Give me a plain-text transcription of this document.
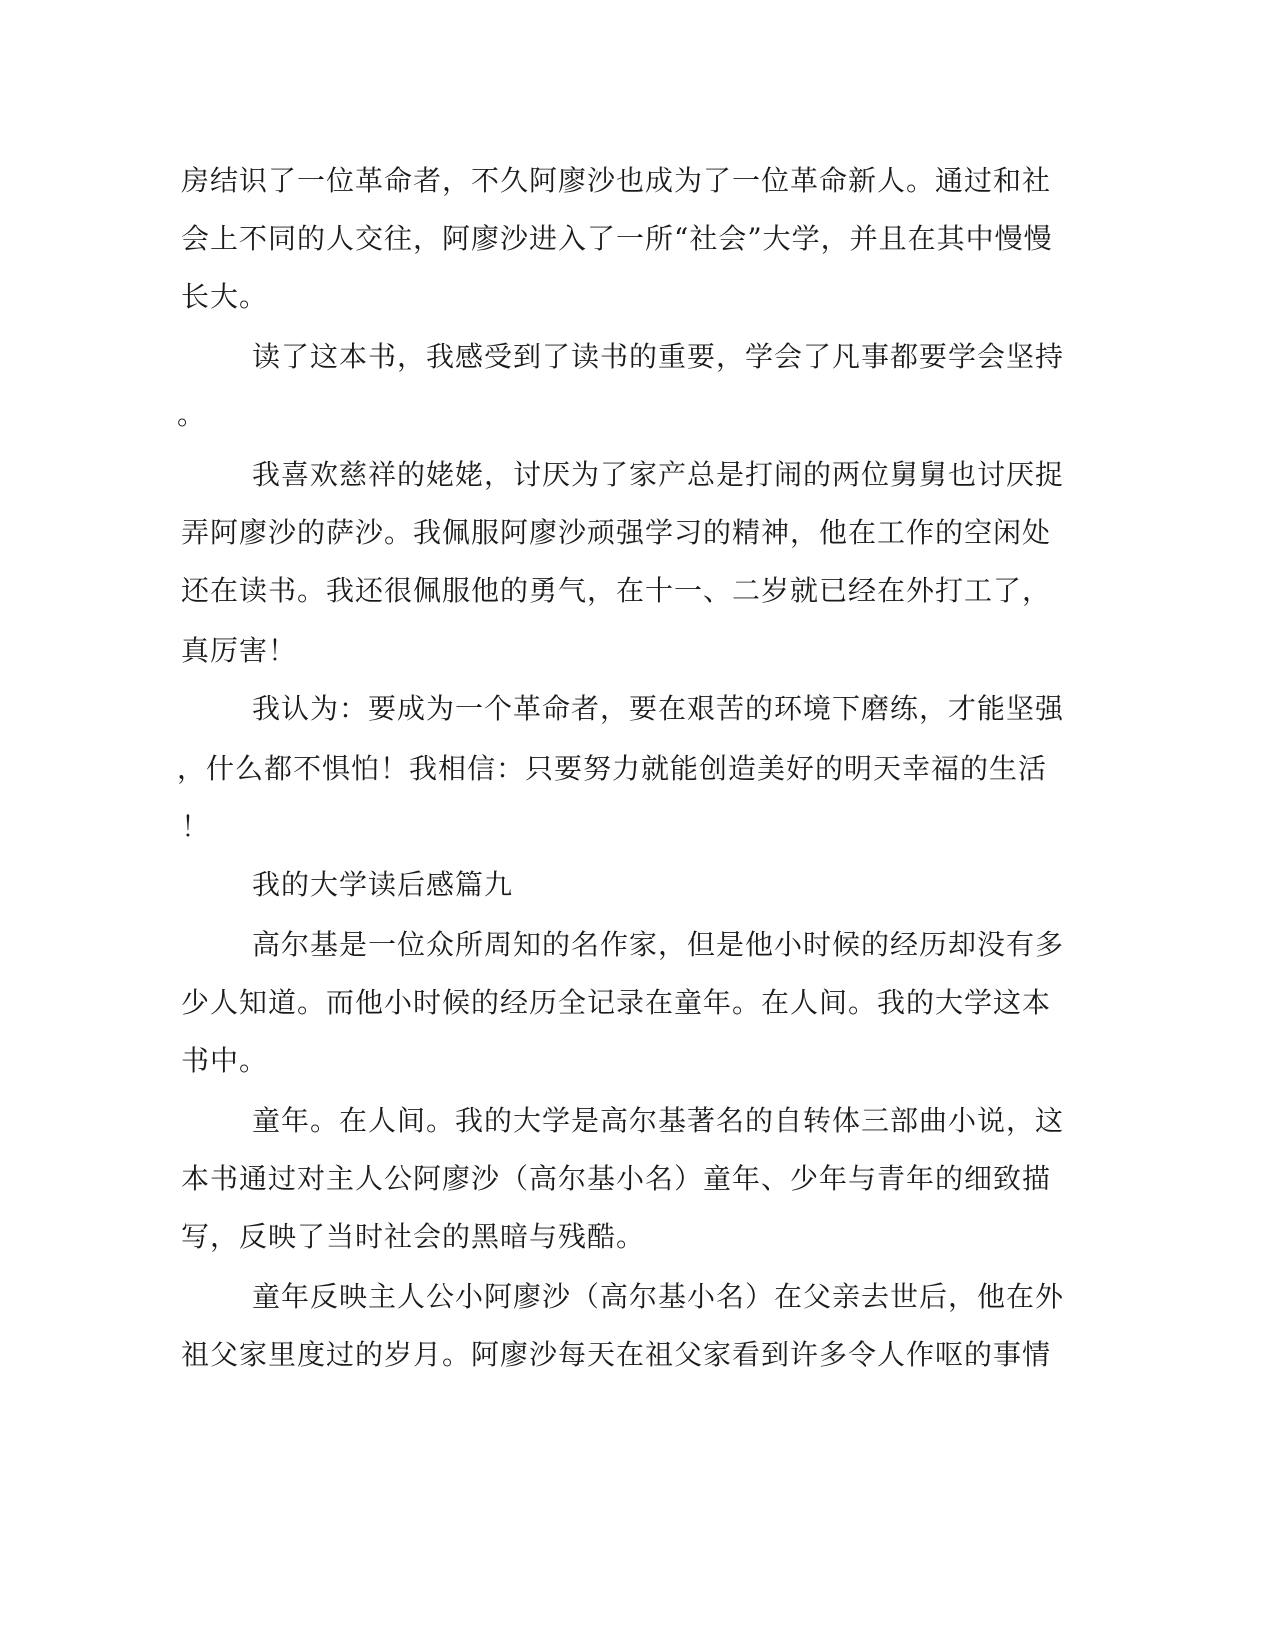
房结识了一位革命者，不久阿廖沙也成为了一位革命新人。通过和社
会上不同的人交往，阿廖沙进入了一所“社会”大学，并且在其中慢慢
长大。
读了这本书，我感受到了读书的重要，学会了凡事都要学会坚持
。
我喜欢慈祥的姥姥，讨厌为了家产总是打闹的两位舅舅也讨厌捉
弄阿廖沙的萨沙。我佩服阿廖沙顽强学习的精神，他在工作的空闲处
还在读书。我还很佩服他的勇气，在十一、二岁就已经在外打工了，
真厉害！
我认为：要成为一个革命者，要在艰苦的环境下磨练，才能坚强
，什么都不惧怕！我相信：只要努力就能创造美好的明天幸福的生活
！
我的大学读后感篇九
高尔基是一位众所周知的名作家，但是他小时候的经历却没有多
少人知道。而他小时候的经历全记录在童年。在人间。我的大学这本
书中。
童年。在人间。我的大学是高尔基著名的自转体三部曲小说，这
本书通过对主人公阿廖沙（高尔基小名）童年、少年与青年的细致描
写，反映了当时社会的黑暗与残酷。
童年反映主人公小阿廖沙（高尔基小名）在父亲去世后，他在外
祖父家里度过的岁月。阿廖沙每天在祖父家看到许多令人作呕的事情
